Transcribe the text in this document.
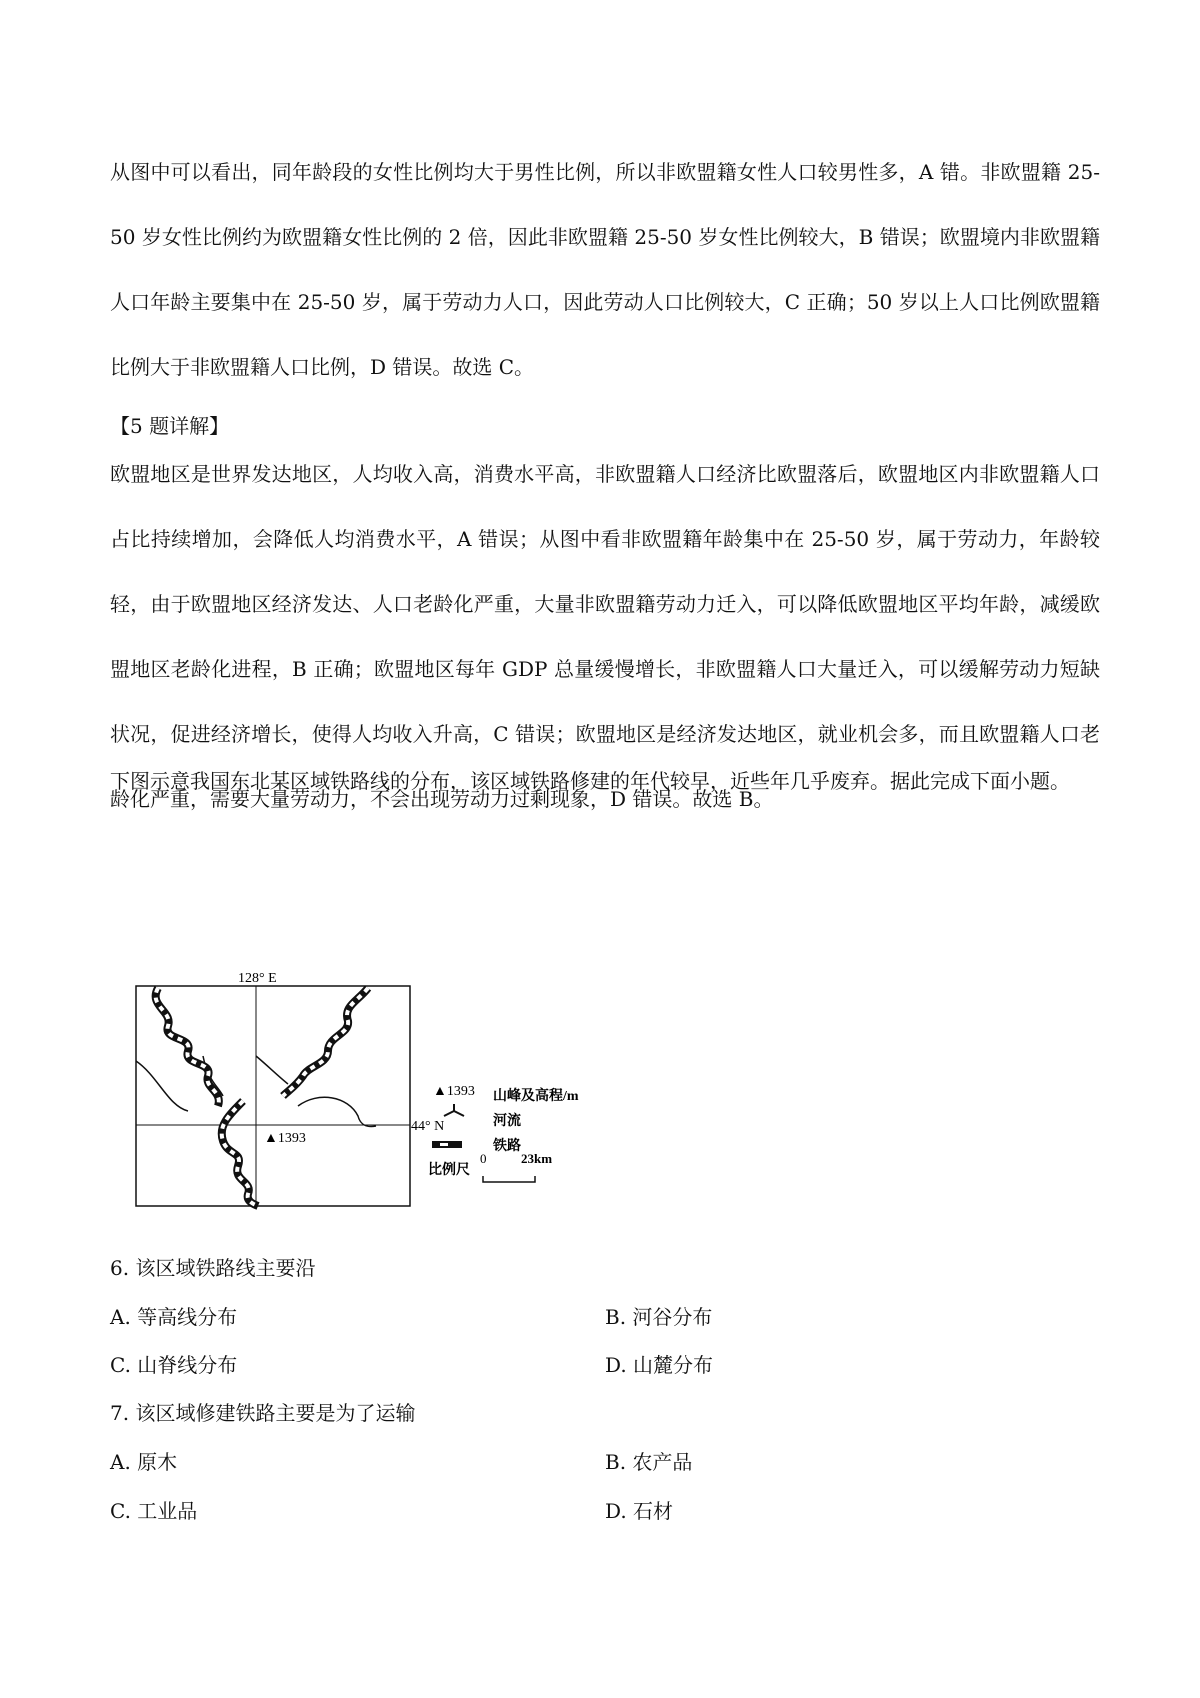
从图中可以看出，同年龄段的女性比例均大于男性比例，所以非欧盟籍女性人口较男性多，A 错。非欧盟籍 25-50 岁女性比例约为欧盟籍女性比例的 2 倍，因此非欧盟籍 25-50 岁女性比例较大，B 错误；欧盟境内非欧盟籍人口年龄主要集中在 25-50 岁，属于劳动力人口，因此劳动人口比例较大，C 正确；50 岁以上人口比例欧盟籍比例大于非欧盟籍人口比例，D 错误。故选 C。

【5 题详解】

欧盟地区是世界发达地区，人均收入高，消费水平高，非欧盟籍人口经济比欧盟落后，欧盟地区内非欧盟籍人口占比持续增加，会降低人均消费水平，A 错误；从图中看非欧盟籍年龄集中在 25-50 岁，属于劳动力，年龄较轻，由于欧盟地区经济发达、人口老龄化严重，大量非欧盟籍劳动力迁入，可以降低欧盟地区平均年龄，减缓欧盟地区老龄化进程，B 正确；欧盟地区每年 GDP 总量缓慢增长，非欧盟籍人口大量迁入，可以缓解劳动力短缺状况，促进经济增长，使得人均收入升高，C 错误；欧盟地区是经济发达地区，就业机会多，而且欧盟籍人口老龄化严重，需要大量劳动力，不会出现劳动力过剩现象，D 错误。故选 B。

下图示意我国东北某区域铁路线的分布，该区域铁路修建的年代较早，近些年几乎废弃。据此完成下面小题。

128° E
44° N
▲1393
▲1393 山峰及高程/m
河流
铁路
比例尺
0	23km
6. 该区域铁路线主要沿
A. 等高线分布	B. 河谷分布
C. 山脊线分布	D. 山麓分布
7. 该区域修建铁路主要是为了运输
A. 原木	B. 农产品
C. 工业品	D. 石材
